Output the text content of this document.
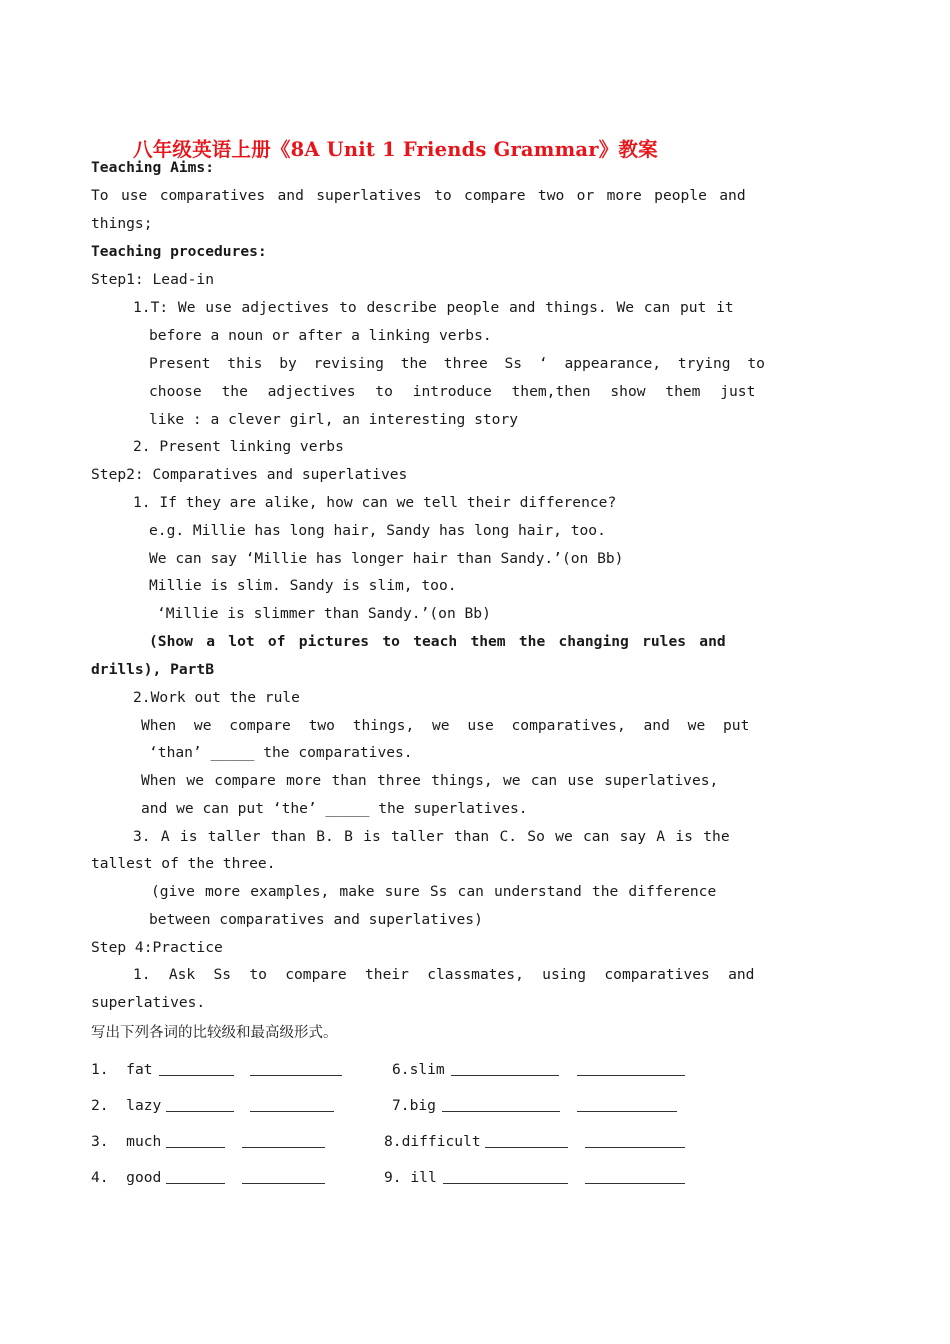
八年级英语上册《8A Unit 1 Friends Grammar》教案
Teaching Aims:
To use comparatives and superlatives to compare two or more people and
things;
Teaching procedures:
Step1: Lead-in
1.T: We use adjectives to describe people and things. We can put it
before a noun or after a linking verbs.
Present this by revising the three Ss ‘ appearance, trying to
choose the adjectives to introduce them,then show them just
like : a clever girl, an interesting story
2. Present linking verbs
Step2: Comparatives and superlatives
1. If they are alike, how can we tell their difference?
e.g. Millie has long hair, Sandy has long hair, too.
We can say ‘Millie has longer hair than Sandy.’(on Bb)
Millie is slim. Sandy is slim, too.
‘Millie is slimmer than Sandy.’(on Bb)
(Show a lot of pictures to teach them the changing rules and
drills), PartB
2.Work out the rule
When we compare two things, we use comparatives, and we put
‘than’ _____ the comparatives.
When we compare more than three things, we can use superlatives,
and we can put ‘the’ _____ the superlatives.
3. A is taller than B. B is taller than C. So we can say A is the
tallest of the three.
(give more examples, make sure Ss can understand the difference
between comparatives and superlatives)
Step 4:Practice
1. Ask Ss to compare their classmates, using comparatives and
superlatives.
写出下列各词的比较级和最高级形式。
1. fat
2. lazy
3. much
4. good
6.slim
7.big
8.difficult
9. ill
